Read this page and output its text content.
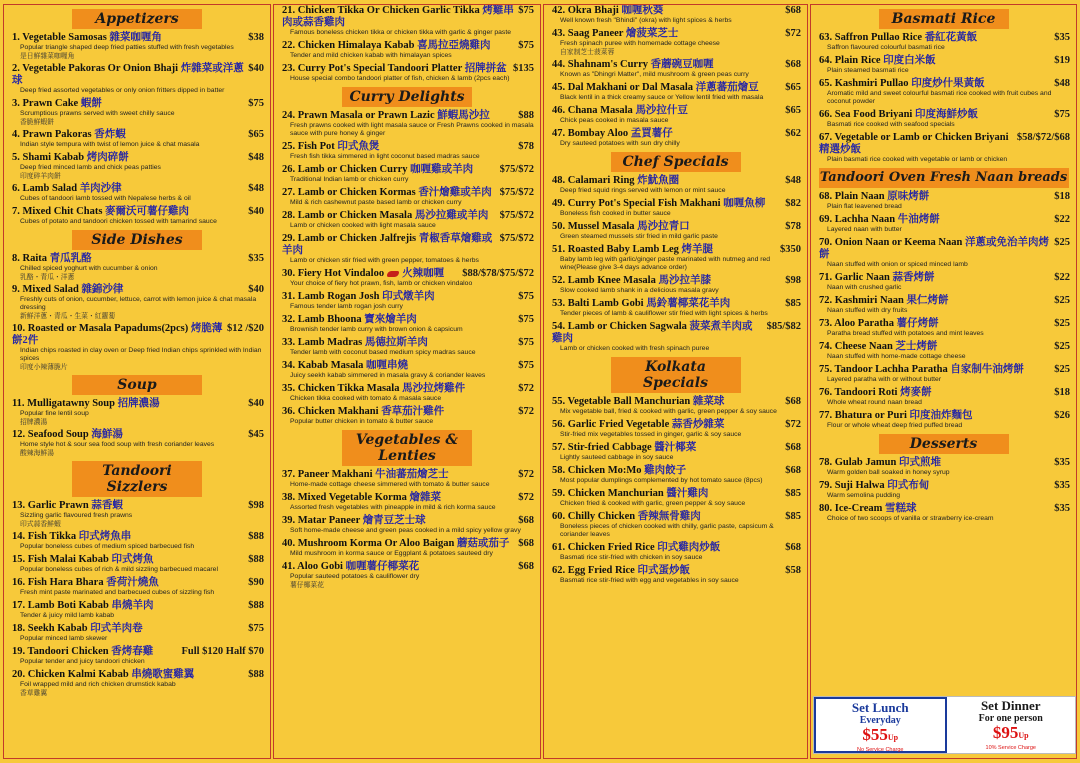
Appetizers
1. Vegetable Samosas 雜菜咖喱角	$38
Popular triangle shaped deep fried patties stuffed with fresh vegetables
是日鮮雜菜咖喱角
2. Vegetable Pakoras Or Onion Bhaji 炸雜菜或洋蔥球
$40
Deep fried assorted vegetables or only onion fritters dipped in batter
3. Prawn Cake 蝦餅	$75
Scrumptious prawns served with sweet chilly sauce
香脆鮮蝦餅
4. Prawn Pakoras 香炸蝦	$65
Indian style tempura with twist of lemon juice & chat masala
5. Shami Kabab 烤肉碎餅	$48
Deep fried minced lamb and chick peas patties
印度碎羊肉餅
6. Lamb Salad 羊肉沙律	$48
Cubes of tandoori lamb tossed with Nepalese herbs & oil
7. Mixed Chit Chats 麥爾沃可薯仔雞肉	$40
Cubes of potato and tandoori chicken tossed with tamarind sauce
Side Dishes
8. Raita 青瓜乳酪	$35
Chilled spiced yoghurt with cucumber & onion
乳酪・青瓜・洋蔥
9. Mixed Salad 雜錦沙律	$40
Freshly cuts of onion, cucumber, lettuce, carrot with lemon juice & chat masala dressing
新鮮洋蔥・青瓜・生菜・紅蘿蔔
10. Roasted or Masala Papadums(2pcs) 烤脆薄餅2件
$12 /$20
Indian chips roasted in clay oven or Deep fried Indian chips sprinkled with Indian spices
印度小辣薄脆片
Soup
11. Mulligatawny Soup 招牌濃湯	$40
Popular fine lentil soup
招牌濃湯
12. Seafood Soup 海鮮湯	$45
Home style hot & sour sea food soup with fresh coriander leaves
酸辣海鮮湯
Tandoori Sizzlers
13. Garlic Prawn 蒜香蝦	$98
Sizzling garlic flavoured fresh prawns
印式蒜香鮮蝦
14. Fish Tikka 印式烤魚串	$88
Popular boneless cubes of medium spiced barbecued fish
15. Fish Malai Kabab 印式烤魚	$88
Popular boneless cubes of rich & mild sizzling barbecued macarel
16. Fish Hara Bhara 香荷汁燒魚	$90
Fresh mint paste marinated and barbecued cubes of sizzling fish
17. Lamb Boti Kabab 串燒羊肉	$88
Tender & juicy mild lamb kabab
18. Seekh Kabab 印式羊肉卷	$75
Popular minced lamb skewer
19. Tandoori Chicken 香烤春雞	Full $120 Half $70
Popular tender and juicy tandoori chicken
20. Chicken Kalmi Kabab 串燒歌蜜雞翼	$88
Foil wrapped mild and rich chicken drumstick kabab
香草雞翼
21. Chicken Tikka Or Chicken Garlic Tikka 烤雞串肉或蒜香雞肉
$75
Famous boneless chicken tikka or chicken tikka with garlic & ginger paste
22. Chicken Himalaya Kabab 喜馬拉亞燒雞肉	$75
Tender and mild chicken kabab with himalayan spices
23. Curry Pot's Special Tandoori Platter 招牌拼盆 $135
House special combo tandoori platter of fish, chicken & lamb (2pcs each)
Curry Delights
24. Prawn Masala or Prawn Lazic 鮮蝦馬沙拉	$88
Fresh prawns cooked with light masala sauce or Fresh Prawns cooked in masala sauce with pure honey & ginger
25. Fish Pot 印式魚煲	$78
Fresh fish tikka simmered in light coconut based madras sauce
26. Lamb or Chicken Curry 咖喱雞或羊肉	$75/$72
Traditional Indian lamb or chicken curry
27. Lamb or Chicken Kormas 香汁燴雞或羊肉 $75/$72
Mild & rich cashewnut paste based lamb or chicken curry
28. Lamb or Chicken Masala 馬沙拉雞或羊肉	$75/$72
Lamb or chicken cooked with light masala sauce
29. Lamb or Chicken Jalfrejis 青椒香草燴雞或羊肉
$75/$72
Lamb or chicken stir fried with green pepper, tomatoes & herbs
30. Fiery Hot Vindaloo 火辣咖喱	$88/$78/$75/$72
Your choice of fiery hot prawn, fish, lamb or chicken vindaloo
31. Lamb Rogan Josh 印式燉羊肉	$75
Famous tender lamb rogan josh curry
32. Lamb Bhoona 寶來燴羊肉	$75
Brownish tender lamb curry with brown onion & capsicum
33. Lamb Madras 馬德拉斯羊肉	$75
Tender lamb with coconut based medium spicy madras sauce
34. Kabab Masala 咖喱串燒	$75
Juicy seekh kabab simmered in masala gravy & coriander leaves
35. Chicken Tikka Masala 馬沙拉烤雞件	$72
Chicken tikka cooked with tomato & masala sauce
36. Chicken Makhani 香草茄汁雞件	$72
Popular butter chicken in tomato & butter sauce
Vegetables & Lenties
37. Paneer Makhani 牛油蕃茄燴芝士	$72
Home-made cottage cheese simmered with tomato & butter sauce
38. Mixed Vegetable Korma 燴雜菜	$72
Assorted fresh vegetables with pineapple in mild & rich korma sauce
39. Matar Paneer 燴青豆芝士球	$68
Soft home-made cheese and green peas cooked in a mild spicy yellow gravy
40. Mushroom Korma Or Aloo Baigan 蘑菇或茄子 $68
Mild mushroom in korma sauce or Eggplant & potatoes sauteed dry
41. Aloo Gobi 咖喱薯仔椰菜花	$68
Popular sauteed potatoes & cauliflower dry
薯仔椰菜花
42. Okra Bhaji 咖喱秋葵	$68
Well known fresh "Bhindi" (okra) with light spices & herbs
43. Saag Paneer 燴菠菜芝士	$72
Fresh spinach puree with homemade cottage cheese
自家制芝士菠菜蓉
44. Shahnam's Curry 香蘑碗豆咖喱	$68
Known as "Dhingri Matter", mild mushroom & green peas curry
45. Dal Makhani or Dal Masala 洋蔥蕃茄燴豆	$65
Black lentil in a thick creamy sauce or Yellow lentil fried with masala
46. Chana Masala 馬沙拉什豆	$65
Chick peas cooked in masala sauce
47. Bombay Aloo 孟買薯仔	$62
Dry sauteed potatoes with sun dry chilly
Chef Specials
48. Calamari Ring 炸魷魚圈	$48
Deep fried squid rings served with lemon or mint sauce
49. Curry Pot's Special Fish Makhani 咖喱魚柳	$82
Boneless fish cooked in butter sauce
50. Mussel Masala 馬沙拉青口	$78
Green steamed mussels stir fried in mild garlic paste
51. Roasted Baby Lamb Leg 烤羊腿	$350
Baby lamb leg with garlic/ginger paste marinated with nutmeg and red wine(Please give 3-4 days advance order)
52. Lamb Knee Masala 馬沙拉羊膝	$98
Slow cooked lamb shank in a delicious masala gravy
53. Balti Lamb Gobi 馬鈴薯椰菜花羊肉	$85
Tender pieces of lamb & cauliflower stir fried with light spices & herbs
54. Lamb or Chicken Sagwala 菠菜煮羊肉或雞肉
$85/$82
Lamb or chicken cooked with fresh spinach puree
Kolkata Specials
55. Vegetable Ball Manchurian 雜菜球	$68
Mix vegetable ball, fried & cooked with garlic, green pepper & soy sauce
56. Garlic Fried Vegetable 蒜香炒雜菜	$72
Stir-fried mix vegetables tossed in ginger, garlic & soy sauce
57. Stir-fried Cabbage 醬汁椰菜	$68
Lightly sauteed cabbage in soy sauce
58. Chicken Mo:Mo 雞肉餃子	$68
Most popular dumplings complemented by hot tomato sauce (8pcs)
59. Chicken Manchurian 醬汁雞肉	$85
Chicken fried & cooked with garlic, green pepper & soy sauce
60. Chilly Chicken 香辣無骨雞肉	$85
Boneless pieces of chicken cooked with chilly, garlic paste, capsicum & coriander leaves
61. Chicken Fried Rice 印式雞肉炒飯	$68
Basmati rice stir-fried with chicken in soy sauce
62. Egg Fried Rice 印式蛋炒飯	$58
Basmati rice stir-fried with egg and vegetables in soy sauce
Basmati Rice
63. Saffron Pullao Rice 番紅花黃飯	$35
Saffron flavoured colourful basmati rice
64. Plain Rice 印度白米飯	$19
Plain steamed basmati rice
65. Kashmiri Pullao 印度炒什果黃飯	$48
Aromatic mild and sweet colourful basmati rice cooked with fruit cubes and coconut powder
66. Sea Food Briyani 印度海鮮炒飯	$75
Basmati rice cooked with seafood specials
67. Vegetable or Lamb or Chicken Briyani 精選炒飯
$58/$72/$68
Plain basmati rice cooked with vegetable or lamb or chicken
Tandoori Oven Fresh Naan breads
68. Plain Naan 原味烤餅	$18
Plain flat leavened bread
69. Lachha Naan 牛油烤餅	$22
Layered naan with butter
70. Onion Naan or Keema Naan 洋蔥或免治羊肉烤餅
$25
Naan stuffed with onion or spiced minced lamb
71. Garlic Naan 蒜香烤餅	$22
Naan with crushed garlic
72. Kashmiri Naan 果仁烤餅	$25
Naan stuffed with dry fruits
73. Aloo Paratha 薯仔烤餅	$25
Paratha bread stuffed with potatoes and mint leaves
74. Cheese Naan 芝士烤餅	$25
Naan stuffed with home-made cottage cheese
75. Tandoor Lachha Paratha 自家制牛油烤餅	$25
Layered paratha with or without butter
76. Tandoori Roti 烤麥餅	$18
Whole wheat round naan bread
77. Bhatura or Puri 印度油炸麵包	$26
Flour or whole wheat deep fried puffed bread
Desserts
78. Gulab Jamun 印式煎堆	$35
Warm golden ball soaked in honey syrup
79. Suji Halwa 印式布甸	$35
Warm semolina pudding
80. Ice-Cream 雪糕球	$35
Choice of two scoops of vanilla or strawberry ice-cream
Set Lunch
Everyday
$55Up
No Service Charge
Set Dinner
For one person
$95Up
10% Service Charge
